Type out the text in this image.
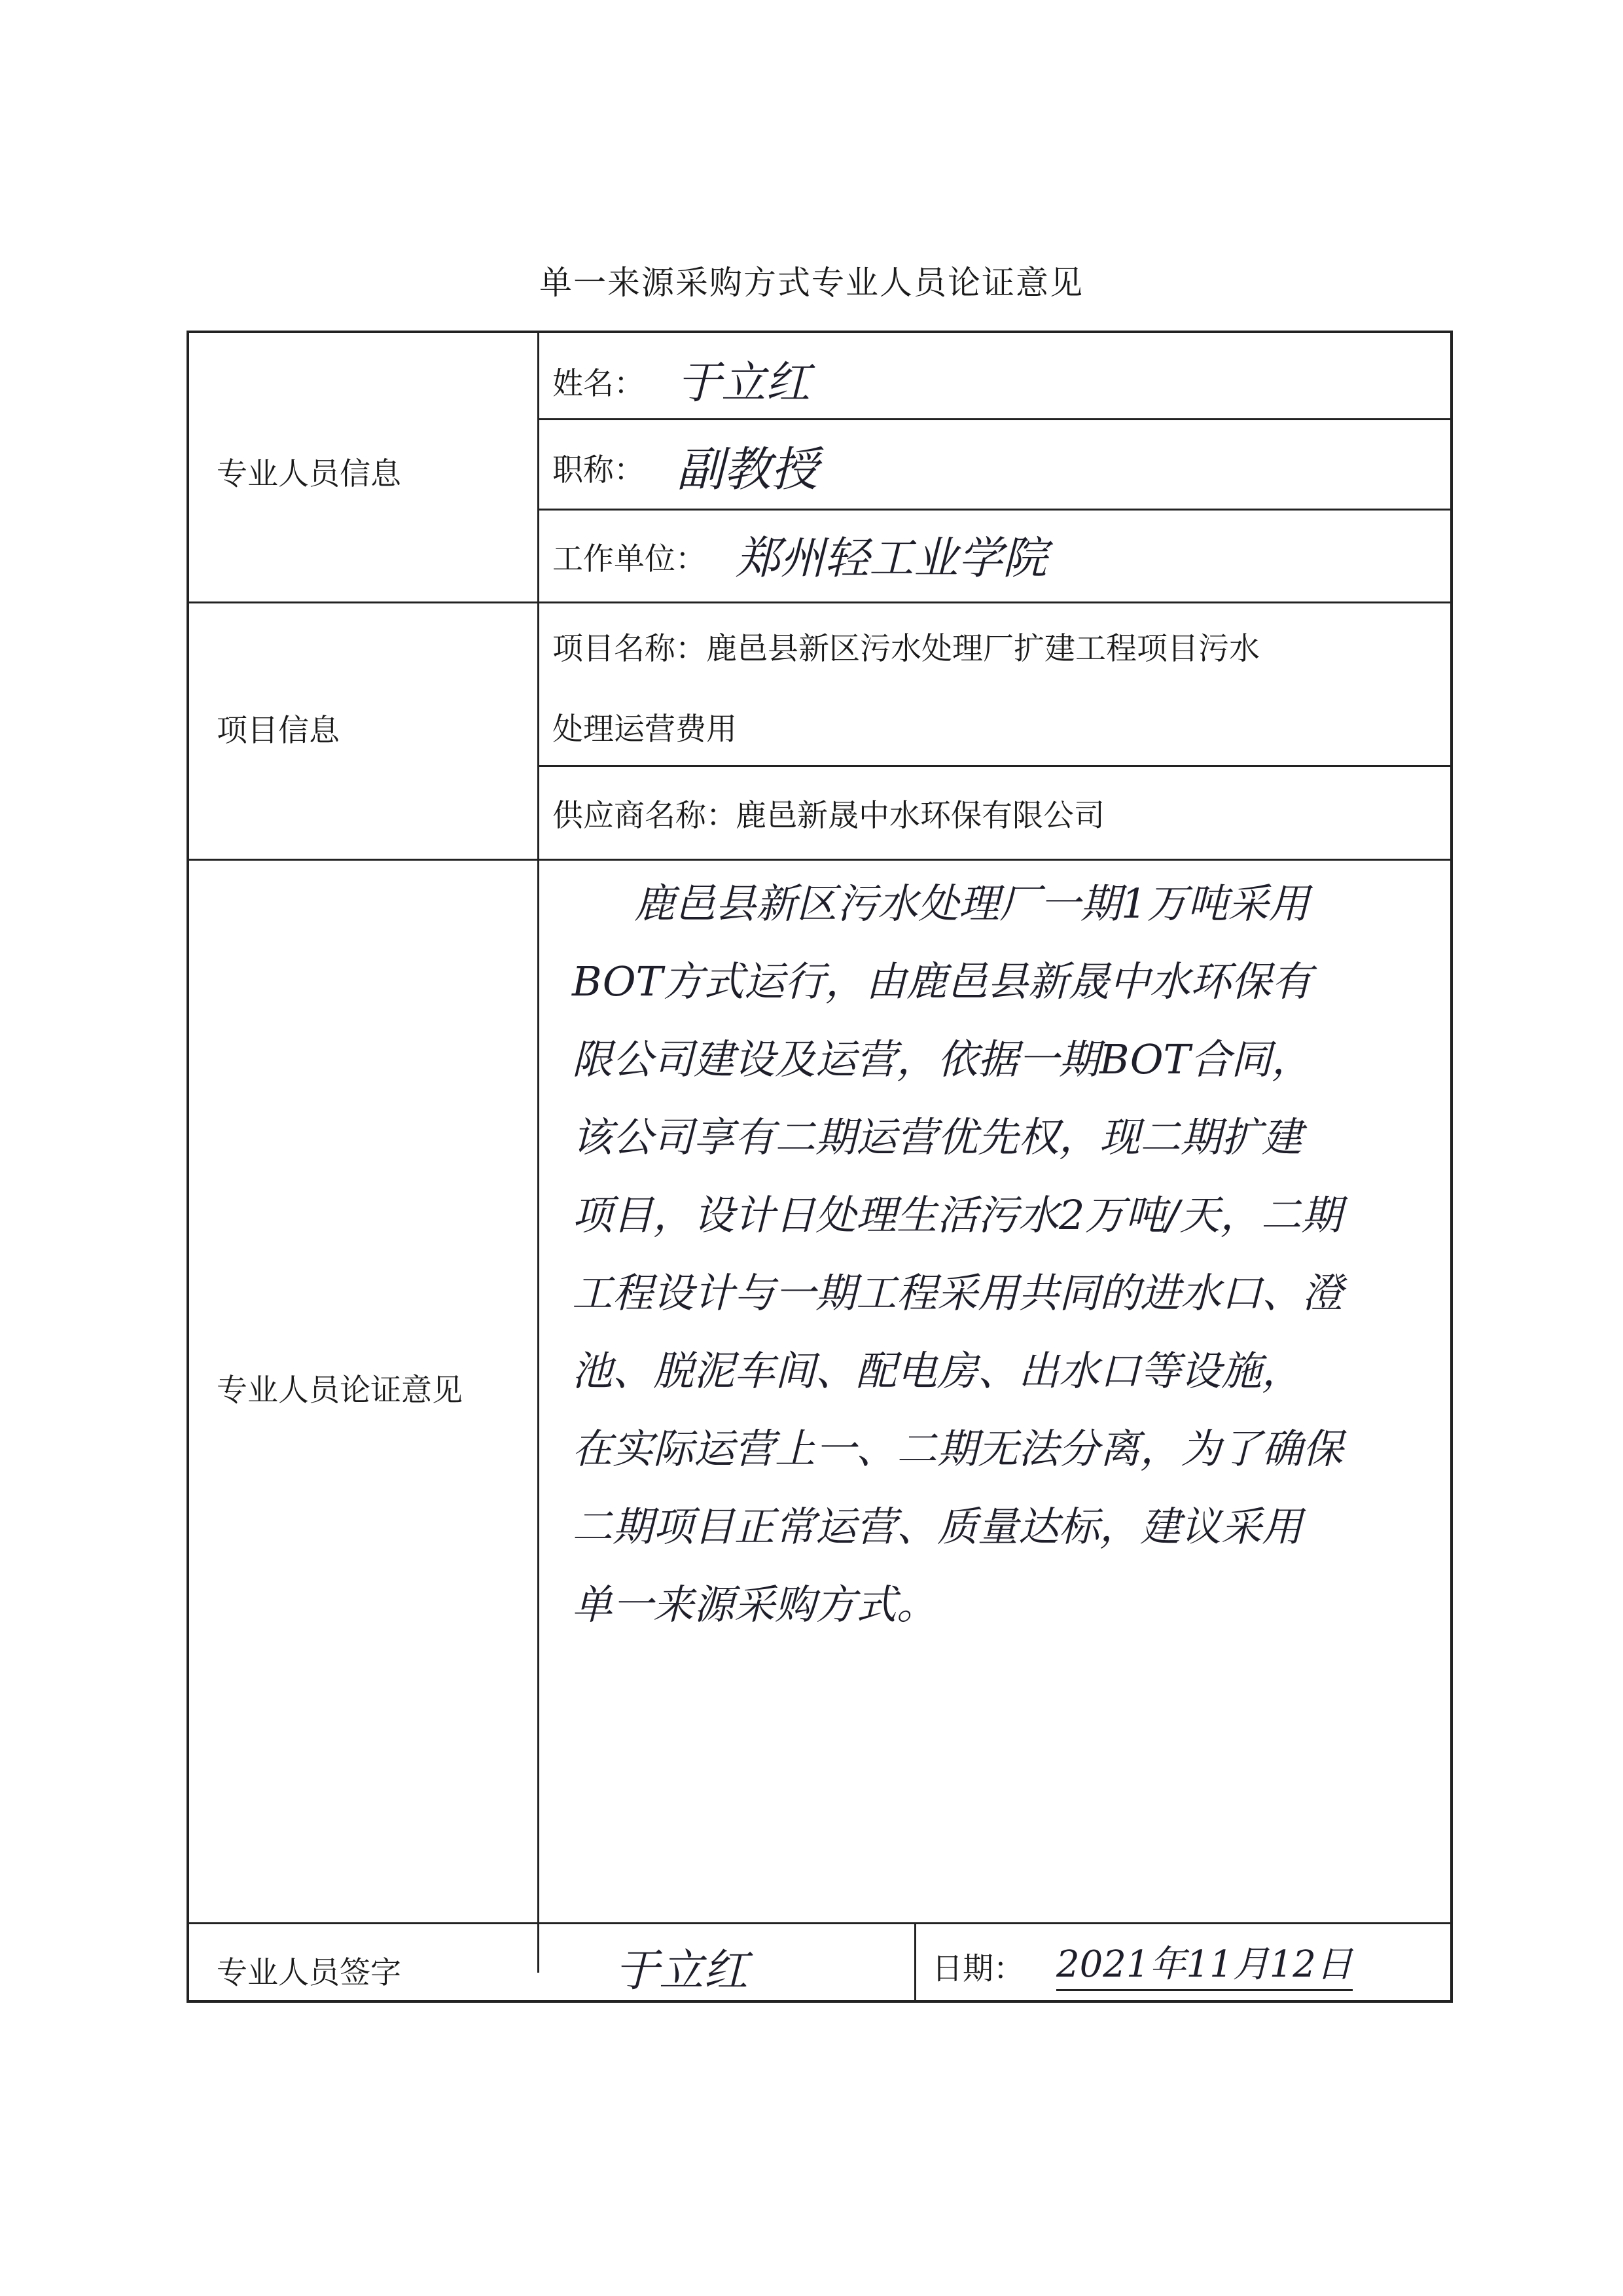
单一来源采购方式专业人员论证意见
专业人员信息
姓名： 于立红
职称： 副教授
工作单位： 郑州轻工业学院
项目信息
项目名称：鹿邑县新区污水处理厂扩建工程项目污水
处理运营费用
供应商名称：
鹿邑新晟中水环保有限公司
专业人员论证意见
鹿邑县新区污水处理厂一期1万吨采用
BOT方式运行，由鹿邑县新晟中水环保有
限公司建设及运营，依据一期BOT合同，
该公司享有二期运营优先权，现二期扩建
项目，设计日处理生活污水2万吨/天，二期
工程设计与一期工程采用共同的进水口、澄
池、脱泥车间、配电房、出水口等设施，
在实际运营上一、二期无法分离，为了确保
二期项目正常运营、质量达标，建议采用
单一来源采购方式。
专业人员签字	于立红	日期： 2021年11月12日
